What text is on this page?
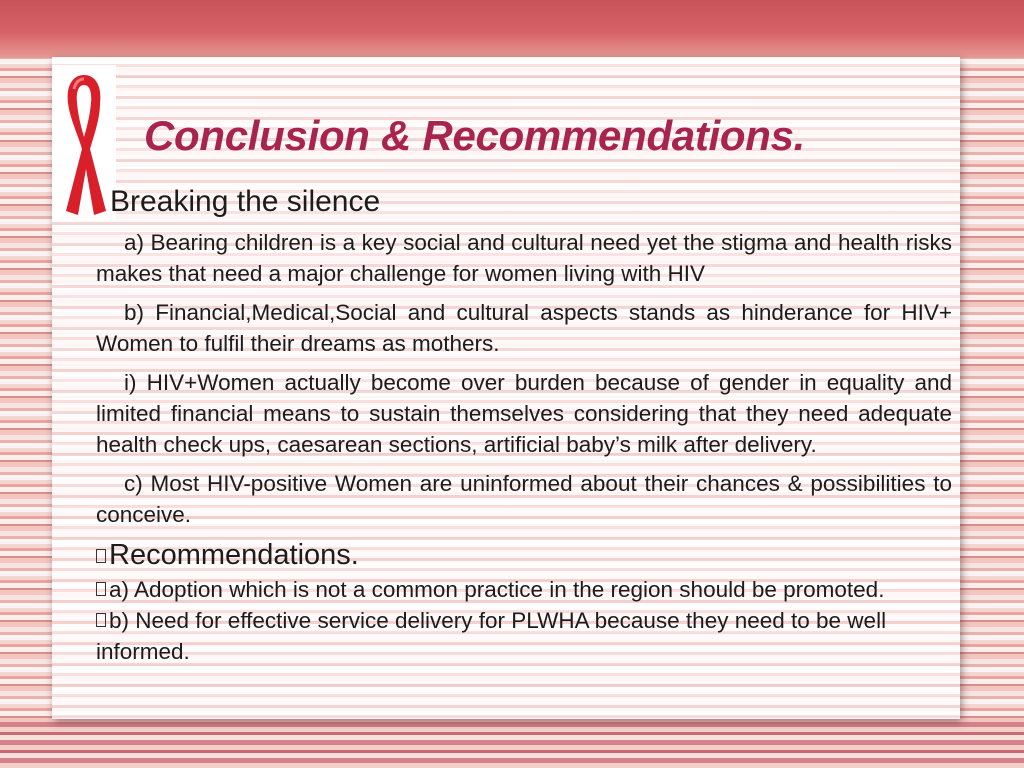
Conclusion & Recommendations.
Breaking the silence

a) Bearing children is a key social and cultural need yet the stigma and health risks makes that need a major challenge for women living with HIV

b) Financial,Medical,Social and cultural aspects stands as hinderance for HIV+ Women to fulfil their dreams as mothers.

i) HIV+Women actually become over burden because of gender in equality and limited financial means to sustain themselves considering that they need adequate health check ups, caesarean sections, artificial baby’s milk after delivery.

c) Most HIV-positive Women are uninformed about their chances & possibilities to conceive.

Recommendations.

a) Adoption which is not a common practice in the region should be promoted.

b) Need for effective service delivery for PLWHA because they need to be well informed.
